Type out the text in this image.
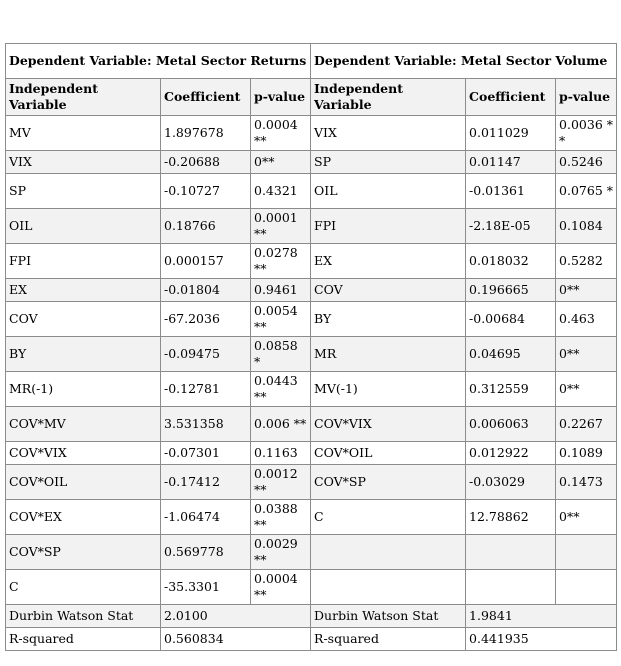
Dependent Variable: Metal Sector Returns			Dependent Variable: Metal Sector Volume		
Independent Variable	Coefficient	p-value	Independent Variable	Coefficient	p-value
MV	1.897678	0.0004 **	VIX	0.011029	0.0036 **
VIX	-0.20688	0**	SP	0.01147	0.5246
SP	-0.10727	0.4321	OIL	-0.01361	0.0765 *
OIL	0.18766	0.0001 **	FPI	-2.18E-05	0.1084
FPI	0.000157	0.0278 **	EX	0.018032	0.5282
EX	-0.01804	0.9461	COV	0.196665	0**
COV	-67.2036	0.0054 **	BY	-0.00684	0.463
BY	-0.09475	0.0858 *	MR	0.04695	0**
MR(-1)	-0.12781	0.0443 **	MV(-1)	0.312559	0**
COV*MV	3.531358	0.006 **	COV*VIX	0.006063	0.2267
COV*VIX	-0.07301	0.1163	COV*OIL	0.012922	0.1089
COV*OIL	-0.17412	0.0012 **	COV*SP	-0.03029	0.1473
COV*EX	-1.06474	0.0388 **	C	12.78862	0**
COV*SP	0.569778	0.0029 **			
C	-35.3301	0.0004 **			
Durbin Watson Stat	2.0100		Durbin Watson Stat	1.9841	
R-squared	0.560834		R-squared	0.441935	
